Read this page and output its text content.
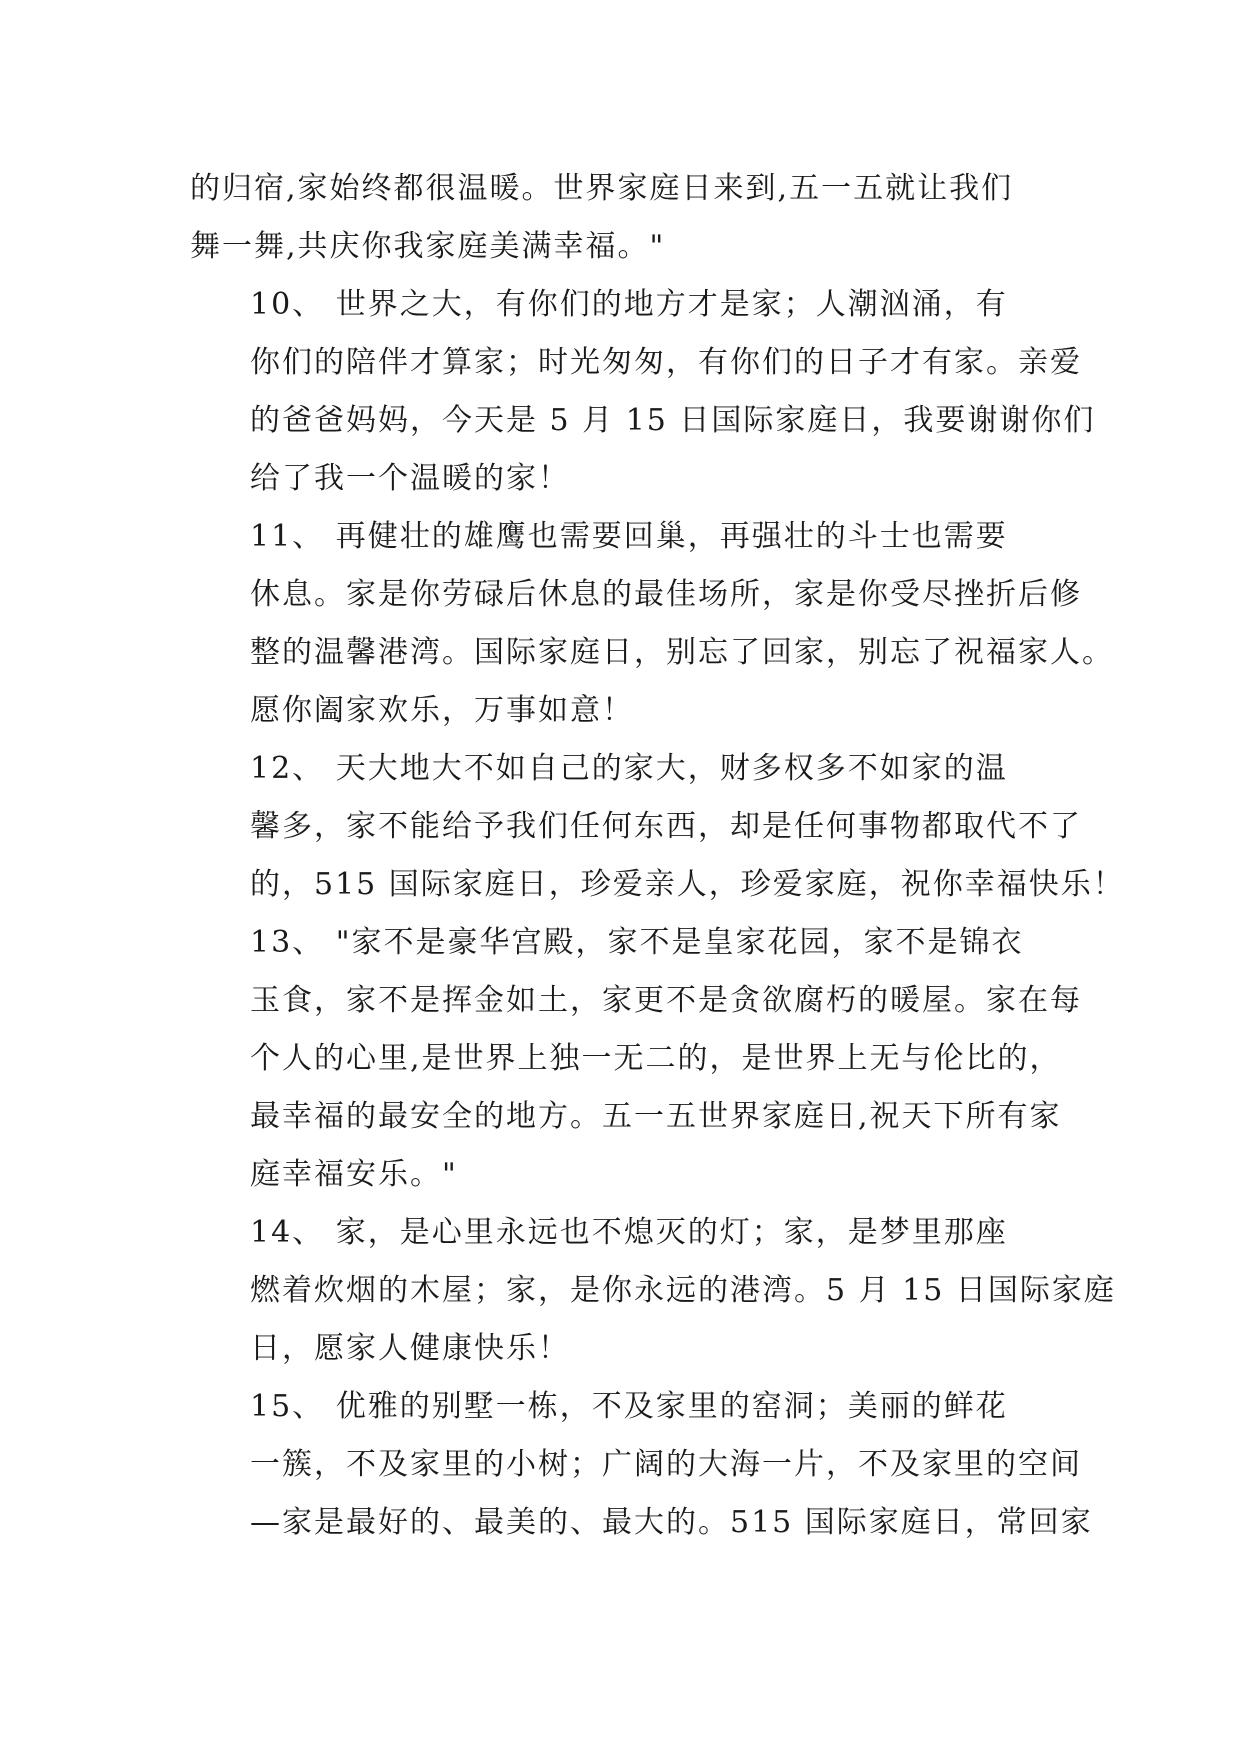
的归宿,家始终都很温暖。世界家庭日来到,五一五就让我们
舞一舞,共庆你我家庭美满幸福。"

10、 世界之大，有你们的地方才是家；人潮汹涌，有
你们的陪伴才算家；时光匆匆，有你们的日子才有家。亲爱
的爸爸妈妈，今天是 5 月 15 日国际家庭日，我要谢谢你们
给了我一个温暖的家！

11、 再健壮的雄鹰也需要回巢，再强壮的斗士也需要
休息。家是你劳碌后休息的最佳场所，家是你受尽挫折后修
整的温馨港湾。国际家庭日，别忘了回家，别忘了祝福家人。
愿你阖家欢乐，万事如意！

12、 天大地大不如自己的家大，财多权多不如家的温
馨多，家不能给予我们任何东西，却是任何事物都取代不了
的，515 国际家庭日，珍爱亲人，珍爱家庭，祝你幸福快乐！

13、 "家不是豪华宫殿，家不是皇家花园，家不是锦衣
玉食，家不是挥金如土，家更不是贪欲腐朽的暖屋。家在每
个人的心里,是世界上独一无二的，是世界上无与伦比的，
最幸福的最安全的地方。五一五世界家庭日,祝天下所有家
庭幸福安乐。"

14、 家，是心里永远也不熄灭的灯；家，是梦里那座
燃着炊烟的木屋；家，是你永远的港湾。5 月 15 日国际家庭
日，愿家人健康快乐！

15、 优雅的别墅一栋，不及家里的窑洞；美丽的鲜花
一簇，不及家里的小树；广阔的大海一片，不及家里的空间
—家是最好的、最美的、最大的。515 国际家庭日，常回家
